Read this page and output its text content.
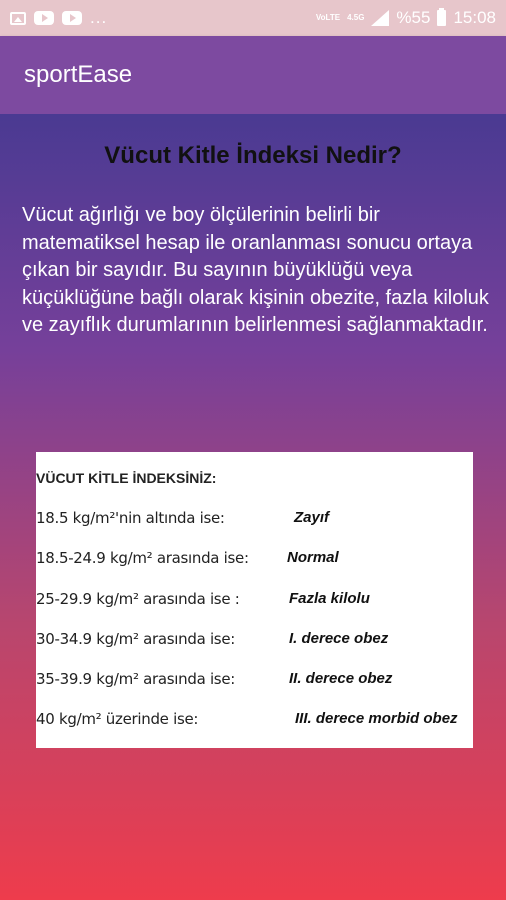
...	VoLTE 4.5G %55 15:08
sportEase
Vücut Kitle İndeksi Nedir?
Vücut ağırlığı ve boy ölçülerinin belirli bir matematiksel hesap ile oranlanması sonucu ortaya çıkan bir sayıdır. Bu sayının büyüklüğü veya küçüklüğüne bağlı olarak kişinin obezite, fazla kiloluk ve zayıflık durumlarının belirlenmesi sağlanmaktadır.
VÜCUT KİTLE İNDEKSİNİZ:
18.5 kg/m²'nin altında ise:	Zayıf
18.5-24.9 kg/m² arasında ise:	Normal
25-29.9 kg/m² arasında ise :	Fazla kilolu
30-34.9 kg/m² arasında ise:	I. derece obez
35-39.9 kg/m² arasında ise:	II. derece obez
40 kg/m² üzerinde ise:	III. derece morbid obez
